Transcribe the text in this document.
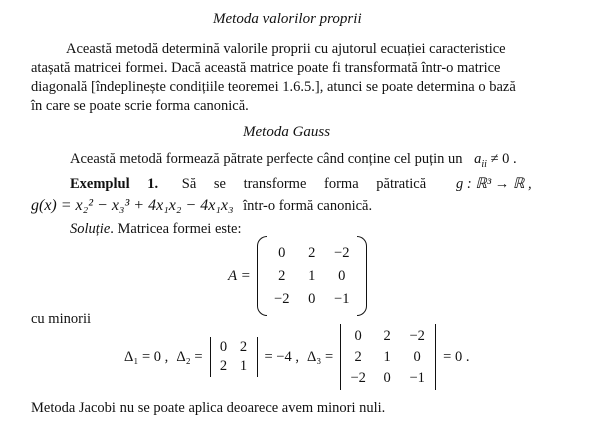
Metoda valorilor proprii
Această metodă determină valorile proprii cu ajutorul ecuației caracteristice
atașată matricei formei. Dacă această matrice poate fi transformată într-o matrice
diagonală [îndeplinește condițiile teoremei 1.6.5.], atunci se poate determina o bază
în care se poate scrie forma canonică.
Metoda Gauss
Această metodă formează pătrate perfecte când conține cel puțin un $a_{ii} \ne 0$ .
Exemplul 1. Să se transforme forma pătratică g : ℝ³ → ℝ ,
g(x) = x₂² − x₃³ + 4x₁x₂ − 4x₁x₃ într-o formă canonică.
Soluție. Matricea formei este:
A =
0	2	−2
2	1	0
−2	0	−1
cu minorii
Δ₁ = 0 , Δ₂ =
0 2
2 1
= −4 , Δ₃ =
0	2	−2
2	1	0
−2	0	−1
= 0 .
Metoda Jacobi nu se poate aplica deoarece avem minori nuli.
